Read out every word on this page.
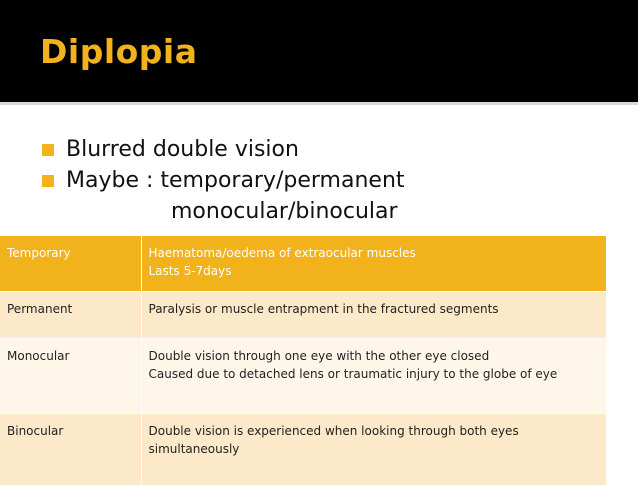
Diplopia
Blurred double vision
Maybe : temporary/permanent
monocular/binocular
Temporary	Haematoma/oedema of extraocular muscles
Lasts 5-7days

Permanent	Paralysis or muscle entrapment in the fractured segments

Monocular	Double vision through one eye with the other eye closed
Caused due to detached lens or traumatic injury to the globe of eye

Binocular	Double vision is experienced when looking through both eyes
simultaneously
